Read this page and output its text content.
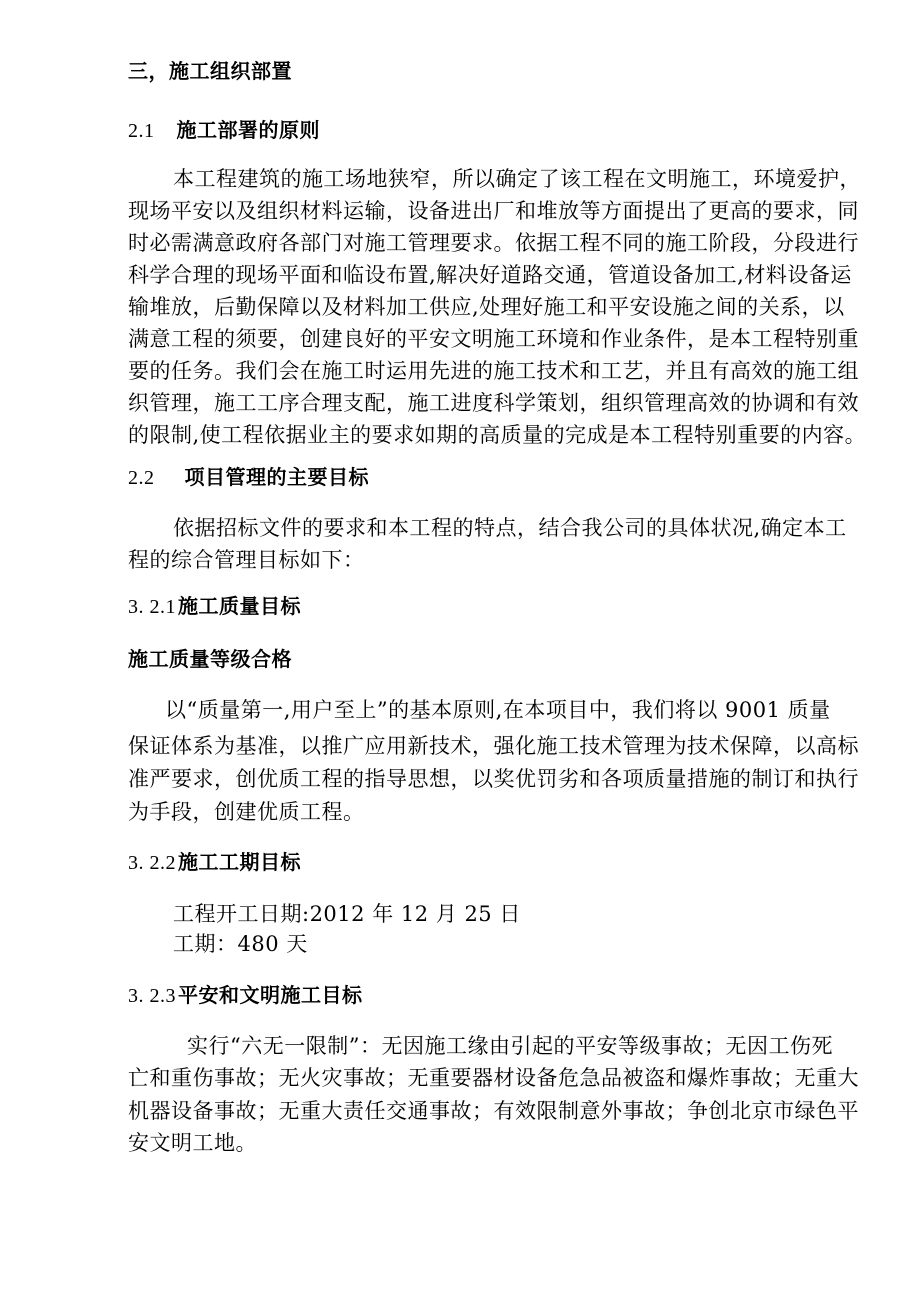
三，施工组织部置
2.1 施工部署的原则
本工程建筑的施工场地狭窄，所以确定了该工程在文明施工，环境爱护，
现场平安以及组织材料运输，设备进出厂和堆放等方面提出了更高的要求，同
时必需满意政府各部门对施工管理要求。依据工程不同的施工阶段，分段进行
科学合理的现场平面和临设布置,解决好道路交通，管道设备加工,材料设备运
输堆放，后勤保障以及材料加工供应,处理好施工和平安设施之间的关系，以
满意工程的须要，创建良好的平安文明施工环境和作业条件，是本工程特别重
要的任务。我们会在施工时运用先进的施工技术和工艺，并且有高效的施工组
织管理，施工工序合理支配，施工进度科学策划，组织管理高效的协调和有效
的限制,使工程依据业主的要求如期的高质量的完成是本工程特别重要的内容。
2.2 项目管理的主要目标
依据招标文件的要求和本工程的特点，结合我公司的具体状况,确定本工
程的综合管理目标如下：
3. 2.1 施工质量目标
施工质量等级合格
以“质量第一,用户至上”的基本原则,在本项目中，我们将以 9001 质量
保证体系为基准，以推广应用新技术，强化施工技术管理为技术保障，以高标
准严要求，创优质工程的指导思想，以奖优罚劣和各项质量措施的制订和执行
为手段，创建优质工程。
3. 2.2 施工工期目标
工程开工日期:2012 年 12 月 25 日
工期：480 天
3. 2.3 平安和文明施工目标
实行“六无一限制”：无因施工缘由引起的平安等级事故；无因工伤死
亡和重伤事故；无火灾事故；无重要器材设备危急品被盗和爆炸事故；无重大
机器设备事故；无重大责任交通事故；有效限制意外事故；争创北京市绿色平
安文明工地。
